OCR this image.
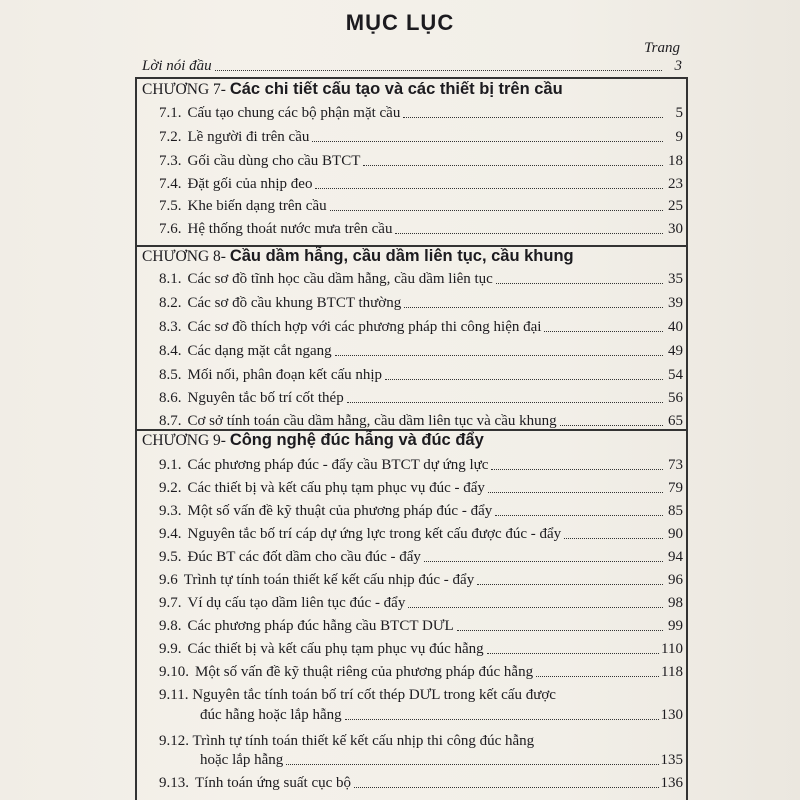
MỤC LỤC
Trang
Lời nói đầu	3
CHƯƠNG 7- Các chi tiết cấu tạo và các thiết bị trên cầu
7.1. Cấu tạo chung các bộ phận mặt cầu	5
7.2. Lề người đi trên cầu	9
7.3. Gối cầu dùng cho cầu BTCT	18
7.4. Đặt gối của nhịp đeo	23
7.5. Khe biến dạng trên cầu	25
7.6. Hệ thống thoát nước mưa trên cầu	30
CHƯƠNG 8- Cầu dầm hẫng, cầu dầm liên tục, cầu khung
8.1. Các sơ đồ tĩnh học cầu dầm hẫng, cầu dầm liên tục	35
8.2. Các sơ đồ cầu khung BTCT thường	39
8.3. Các sơ đồ thích hợp với các phương pháp thi công hiện đại	40
8.4. Các dạng mặt cắt ngang	49
8.5. Mối nối, phân đoạn kết cấu nhịp	54
8.6. Nguyên tắc bố trí cốt thép	56
8.7. Cơ sở tính toán cầu dầm hẫng, cầu dầm liên tục và cầu khung	65
CHƯƠNG 9- Công nghệ đúc hẫng và đúc đẩy
9.1. Các phương pháp đúc - đẩy cầu BTCT dự ứng lực	73
9.2. Các thiết bị và kết cấu phụ tạm phục vụ đúc - đẩy	79
9.3. Một số vấn đề kỹ thuật của phương pháp đúc - đẩy	85
9.4. Nguyên tắc bố trí cáp dự ứng lực trong kết cấu được đúc - đẩy	90
9.5. Đúc BT các đốt dầm cho cầu đúc - đẩy	94
9.6 Trình tự tính toán thiết kế kết cấu nhịp đúc - đẩy	96
9.7. Ví dụ cấu tạo dầm liên tục đúc - đẩy	98
9.8. Các phương pháp đúc hẫng cầu BTCT DƯL	99
9.9. Các thiết bị và kết cấu phụ tạm phục vụ đúc hẫng	110
9.10. Một số vấn đề kỹ thuật riêng của phương pháp đúc hẫng	118
9.11. Nguyên tắc tính toán bố trí cốt thép DƯL trong kết cấu được
đúc hẫng hoặc lắp hẫng	130
9.12. Trình tự tính toán thiết kế kết cấu nhịp thi công đúc hẫng
hoặc lắp hẫng	135
9.13. Tính toán ứng suất cục bộ	136
